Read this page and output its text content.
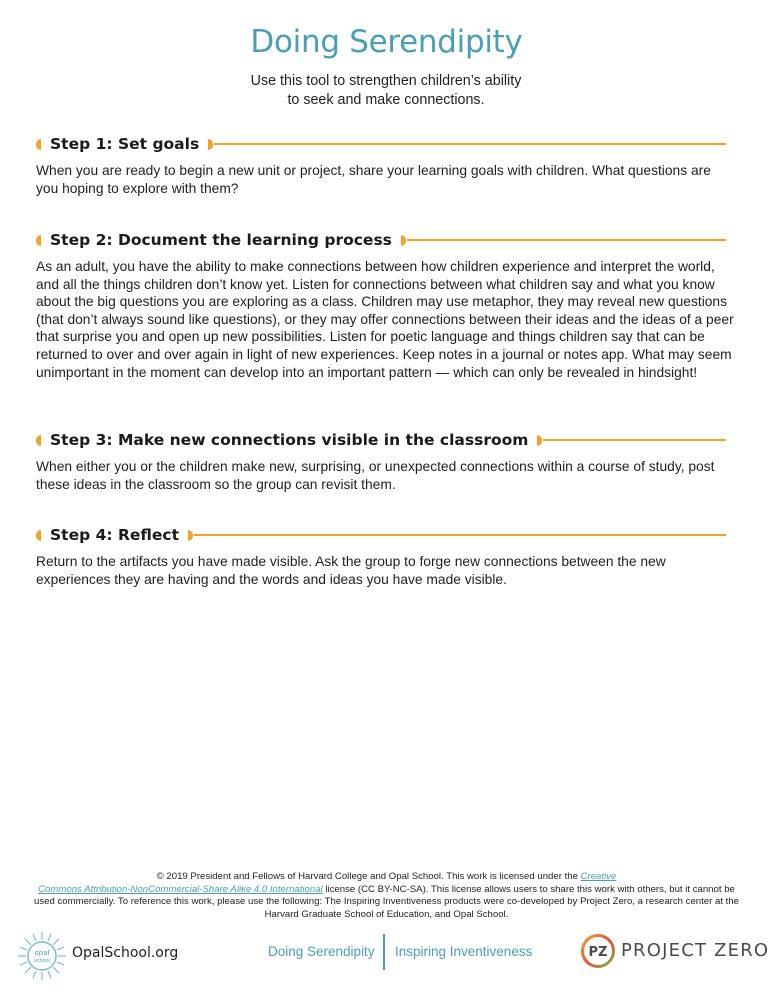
Doing Serendipity
Use this tool to strengthen children’s ability
to seek and make connections.
Step 1: Set goals
When you are ready to begin a new unit or project, share your learning goals with children. What questions are you hoping to explore with them?
Step 2: Document the learning process
As an adult, you have the ability to make connections between how children experience and interpret the world, and all the things children don’t know yet. Listen for connections between what children say and what you know about the big questions you are exploring as a class. Children may use metaphor, they may reveal new questions (that don’t always sound like questions), or they may offer connections between their ideas and the ideas of a peer that surprise you and open up new possibilities. Listen for poetic language and things children say that can be returned to over and over again in light of new experiences. Keep notes in a journal or notes app. What may seem unimportant in the moment can develop into an important pattern — which can only be revealed in hindsight!
Step 3: Make new connections visible in the classroom
When either you or the children make new, surprising, or unexpected connections within a course of study, post these ideas in the classroom so the group can revisit them.
Step 4: Reflect
Return to the artifacts you have made visible. Ask the group to forge new connections between the new experiences they are having and the words and ideas you have made visible.
© 2019 President and Fellows of Harvard College and Opal School. This work is licensed under the Creative
Commons Attribution-NonCommercial-Share Alike 4.0 International license (CC BY-NC-SA). This license allows users to share this work with others, but it cannot be used commercially. To reference this work, please use the following: The Inspiring Inventiveness products were co-developed by Project Zero, a research center at the Harvard Graduate School of Education, and Opal School.
opal
school OpalSchool.org	Doing Serendipity Inspiring Inventiveness	PZ PROJECT ZERO
